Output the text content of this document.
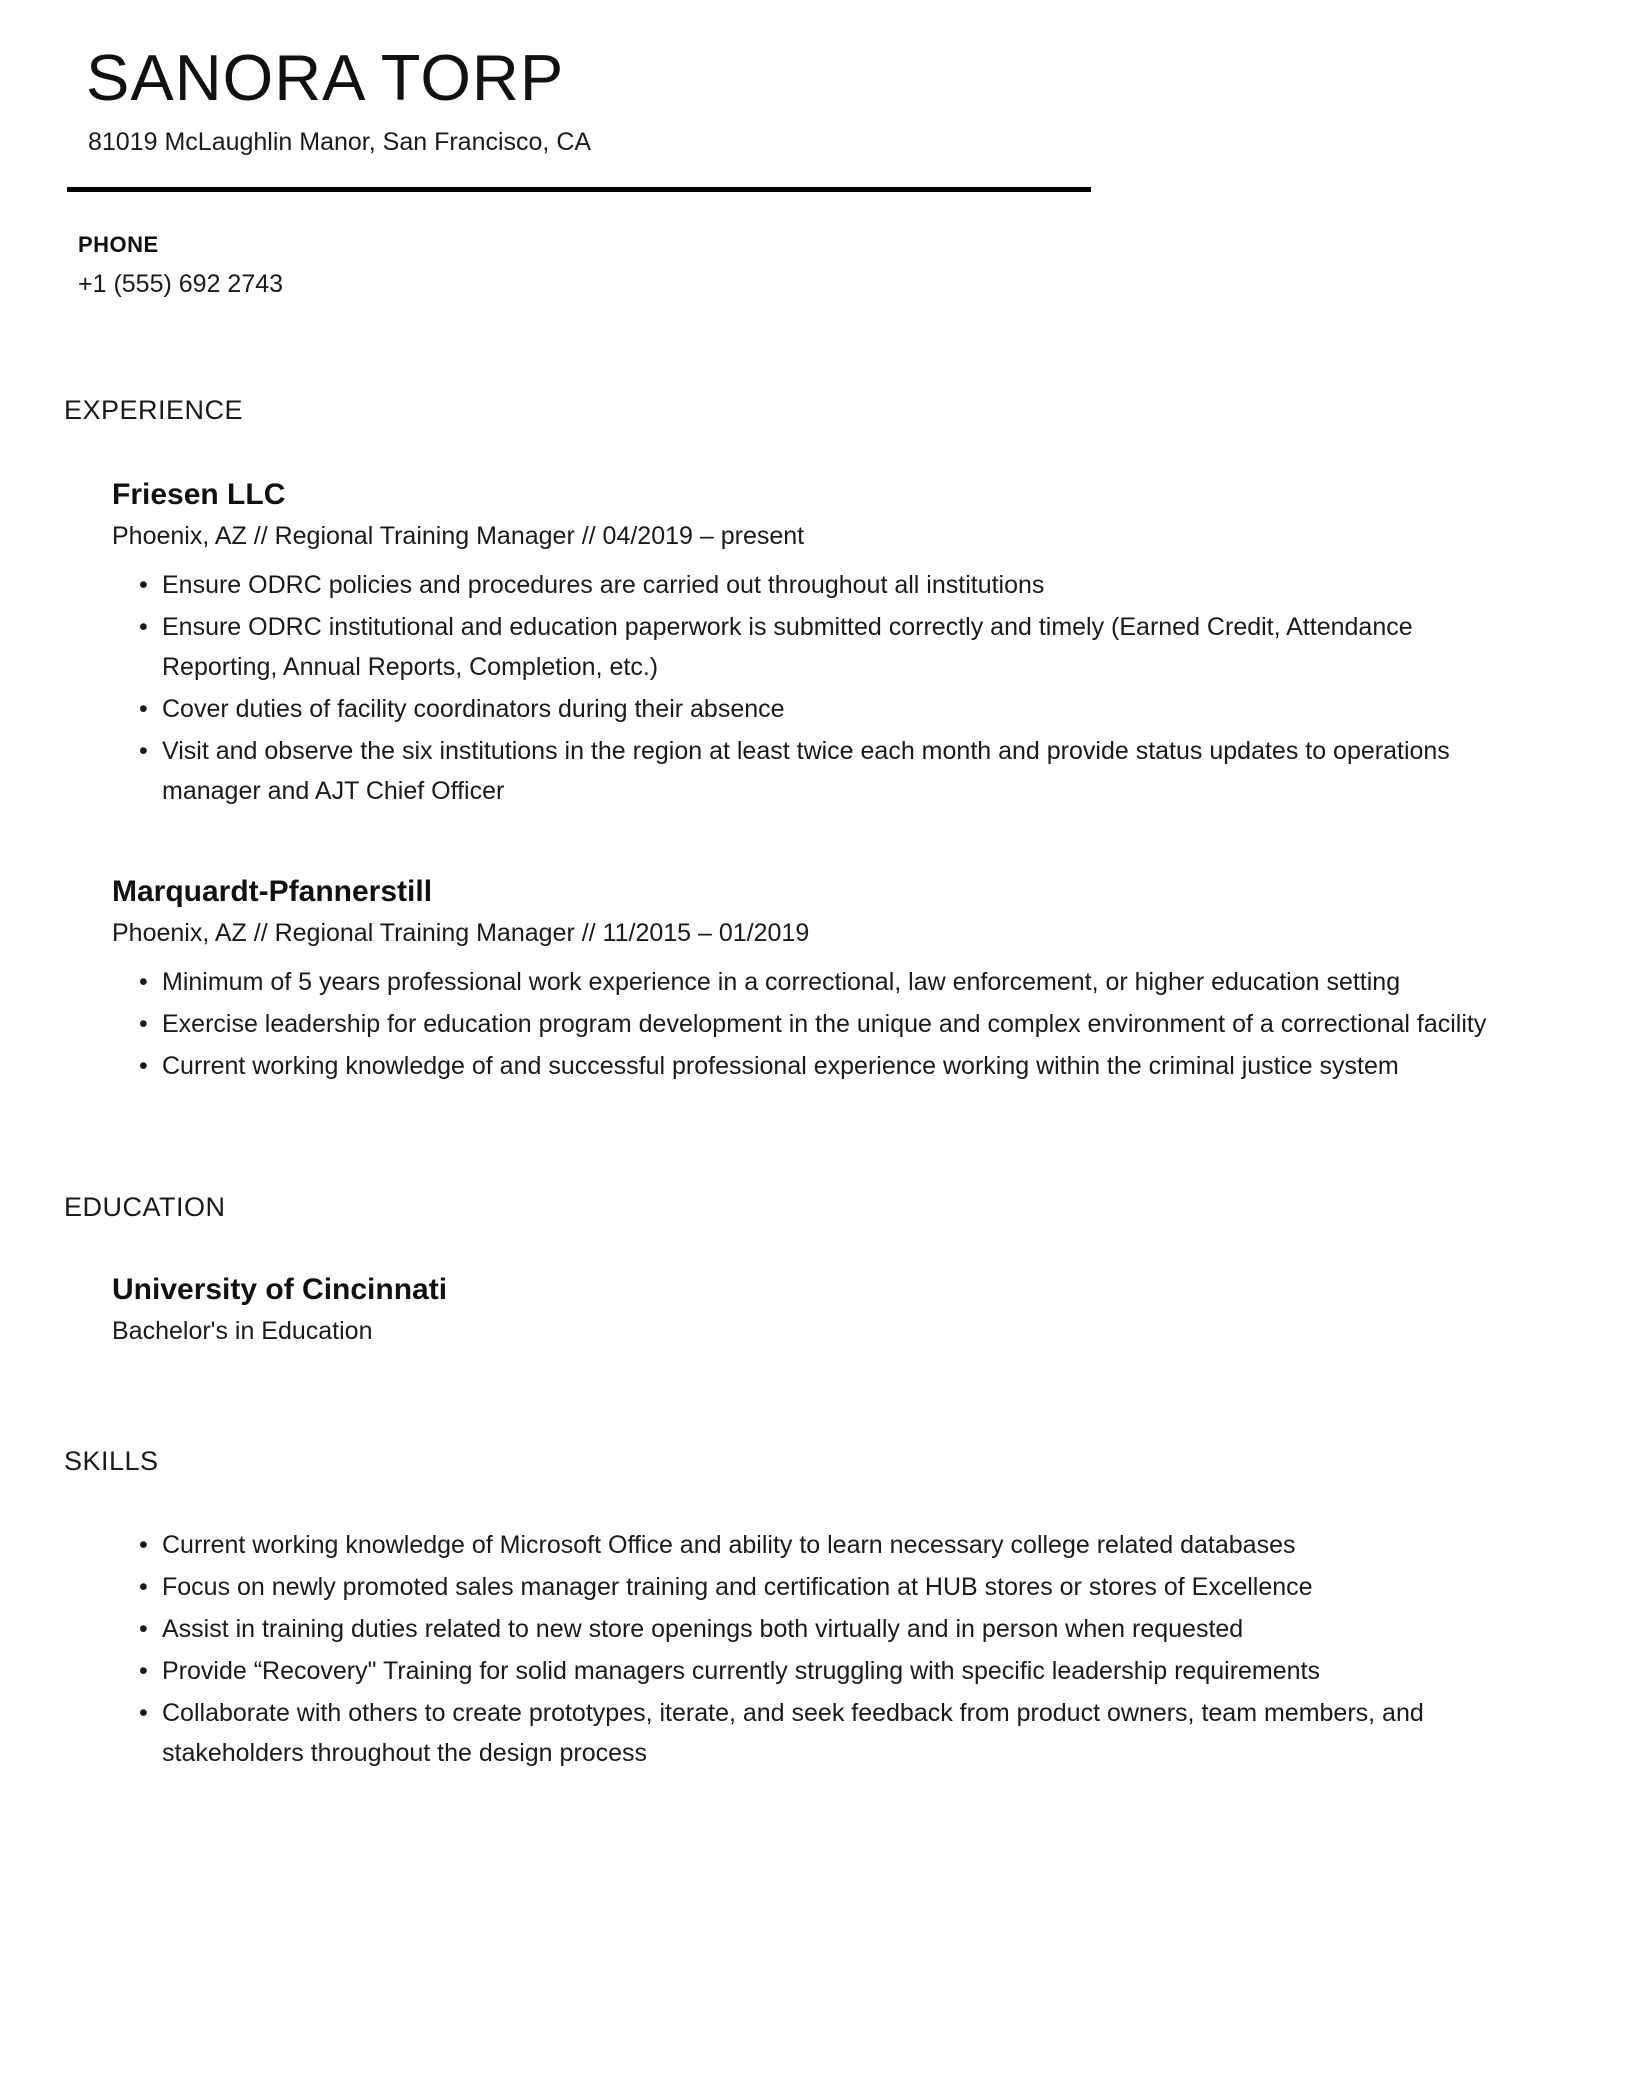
SANORA TORP

81019 McLaughlin Manor, San Francisco, CA

PHONE
+1 (555) 692 2743
EXPERIENCE
Friesen LLC

Phoenix, AZ // Regional Training Manager // 04/2019 – present

• Ensure ODRC policies and procedures are carried out throughout all institutions
• Ensure ODRC institutional and education paperwork is submitted correctly and timely (Earned Credit, Attendance Reporting, Annual Reports, Completion, etc.)
• Cover duties of facility coordinators during their absence
• Visit and observe the six institutions in the region at least twice each month and provide status updates to operations manager and AJT Chief Officer
Marquardt-Pfannerstill

Phoenix, AZ // Regional Training Manager // 11/2015 – 01/2019

• Minimum of 5 years professional work experience in a correctional, law enforcement, or higher education setting
• Exercise leadership for education program development in the unique and complex environment of a correctional facility
• Current working knowledge of and successful professional experience working within the criminal justice system
EDUCATION
University of Cincinnati

Bachelor's in Education

SKILLS
• Current working knowledge of Microsoft Office and ability to learn necessary college related databases
• Focus on newly promoted sales manager training and certification at HUB stores or stores of Excellence
• Assist in training duties related to new store openings both virtually and in person when requested
• Provide “Recovery" Training for solid managers currently struggling with specific leadership requirements
• Collaborate with others to create prototypes, iterate, and seek feedback from product owners, team members, and stakeholders throughout the design process
